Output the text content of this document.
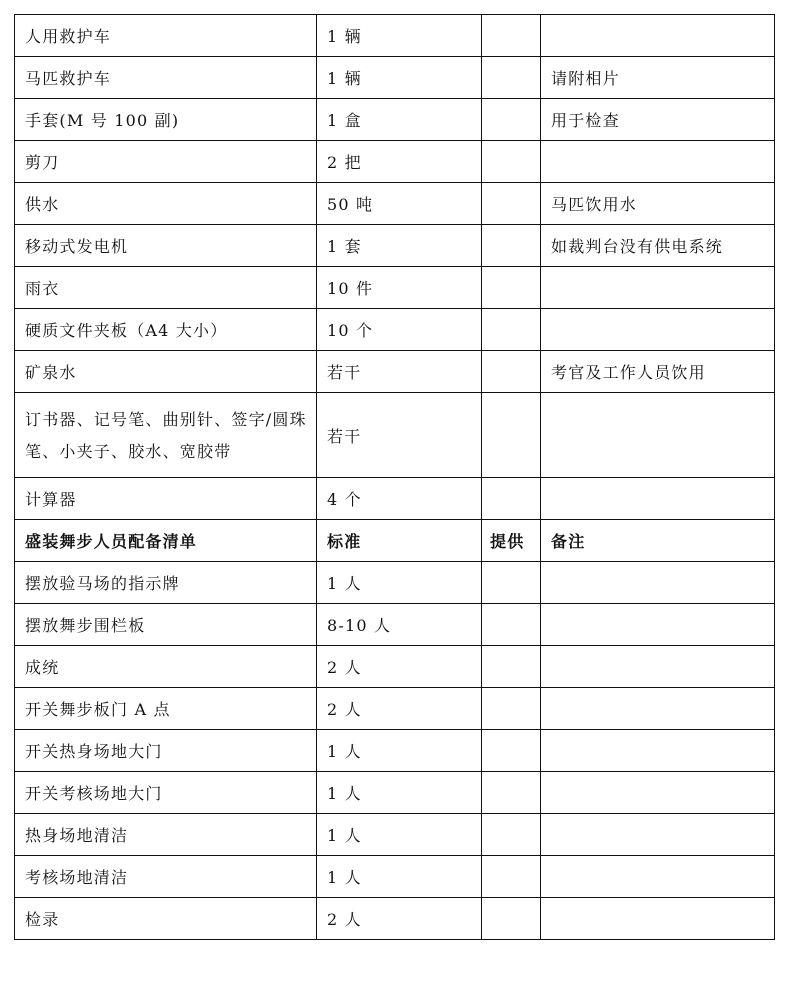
人用救护车	1 辆		
马匹救护车	1 辆		请附相片
手套(M 号 100 副)	1 盒		用于检查
剪刀	2 把		
供水	50 吨		马匹饮用水
移动式发电机	1 套		如裁判台没有供电系统
雨衣	10 件		
硬质文件夹板（A4 大小）	10 个		
矿泉水	若干		考官及工作人员饮用
订书器、记号笔、曲别针、签字/圆珠笔、小夹子、胶水、宽胶带	若干		
计算器	4 个		
盛装舞步人员配备清单	标准	提供	备注
摆放验马场的指示牌	1 人		
摆放舞步围栏板	8-10 人		
成统	2 人		
开关舞步板门 A 点	2 人		
开关热身场地大门	1 人		
开关考核场地大门	1 人		
热身场地清洁	1 人		
考核场地清洁	1 人		
检录	2 人		
